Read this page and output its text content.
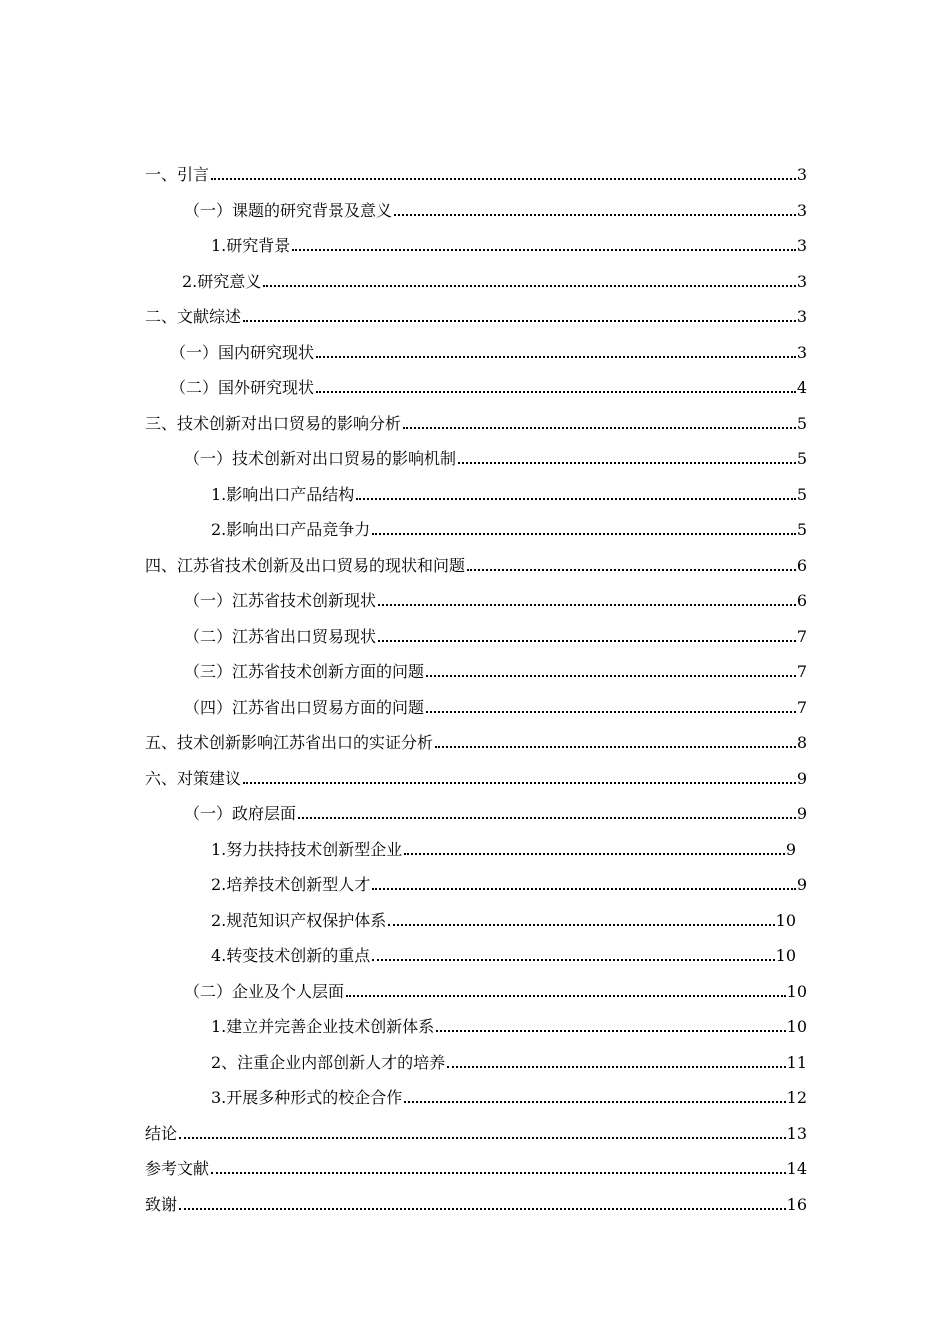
一、引言	3
（一）课题的研究背景及意义	3
1.研究背景	3
2.研究意义	3
二、文献综述	3
（一）国内研究现状	3
（二）国外研究现状	4
三、技术创新对出口贸易的影响分析	5
（一）技术创新对出口贸易的影响机制	5
1.影响出口产品结构	5
2.影响出口产品竞争力	5
四、江苏省技术创新及出口贸易的现状和问题	6
（一）江苏省技术创新现状	6
（二）江苏省出口贸易现状	7
（三）江苏省技术创新方面的问题	7
（四）江苏省出口贸易方面的问题	7
五、技术创新影响江苏省出口的实证分析	8
六、对策建议	9
（一）政府层面	9
1.努力扶持技术创新型企业	9
2.培养技术创新型人才	9
2.规范知识产权保护体系	10
4.转变技术创新的重点	10
（二）企业及个人层面	10
1.建立并完善企业技术创新体系	10
2、注重企业内部创新人才的培养	11
3.开展多种形式的校企合作	12
结论	13
参考文献	14
致谢	16
